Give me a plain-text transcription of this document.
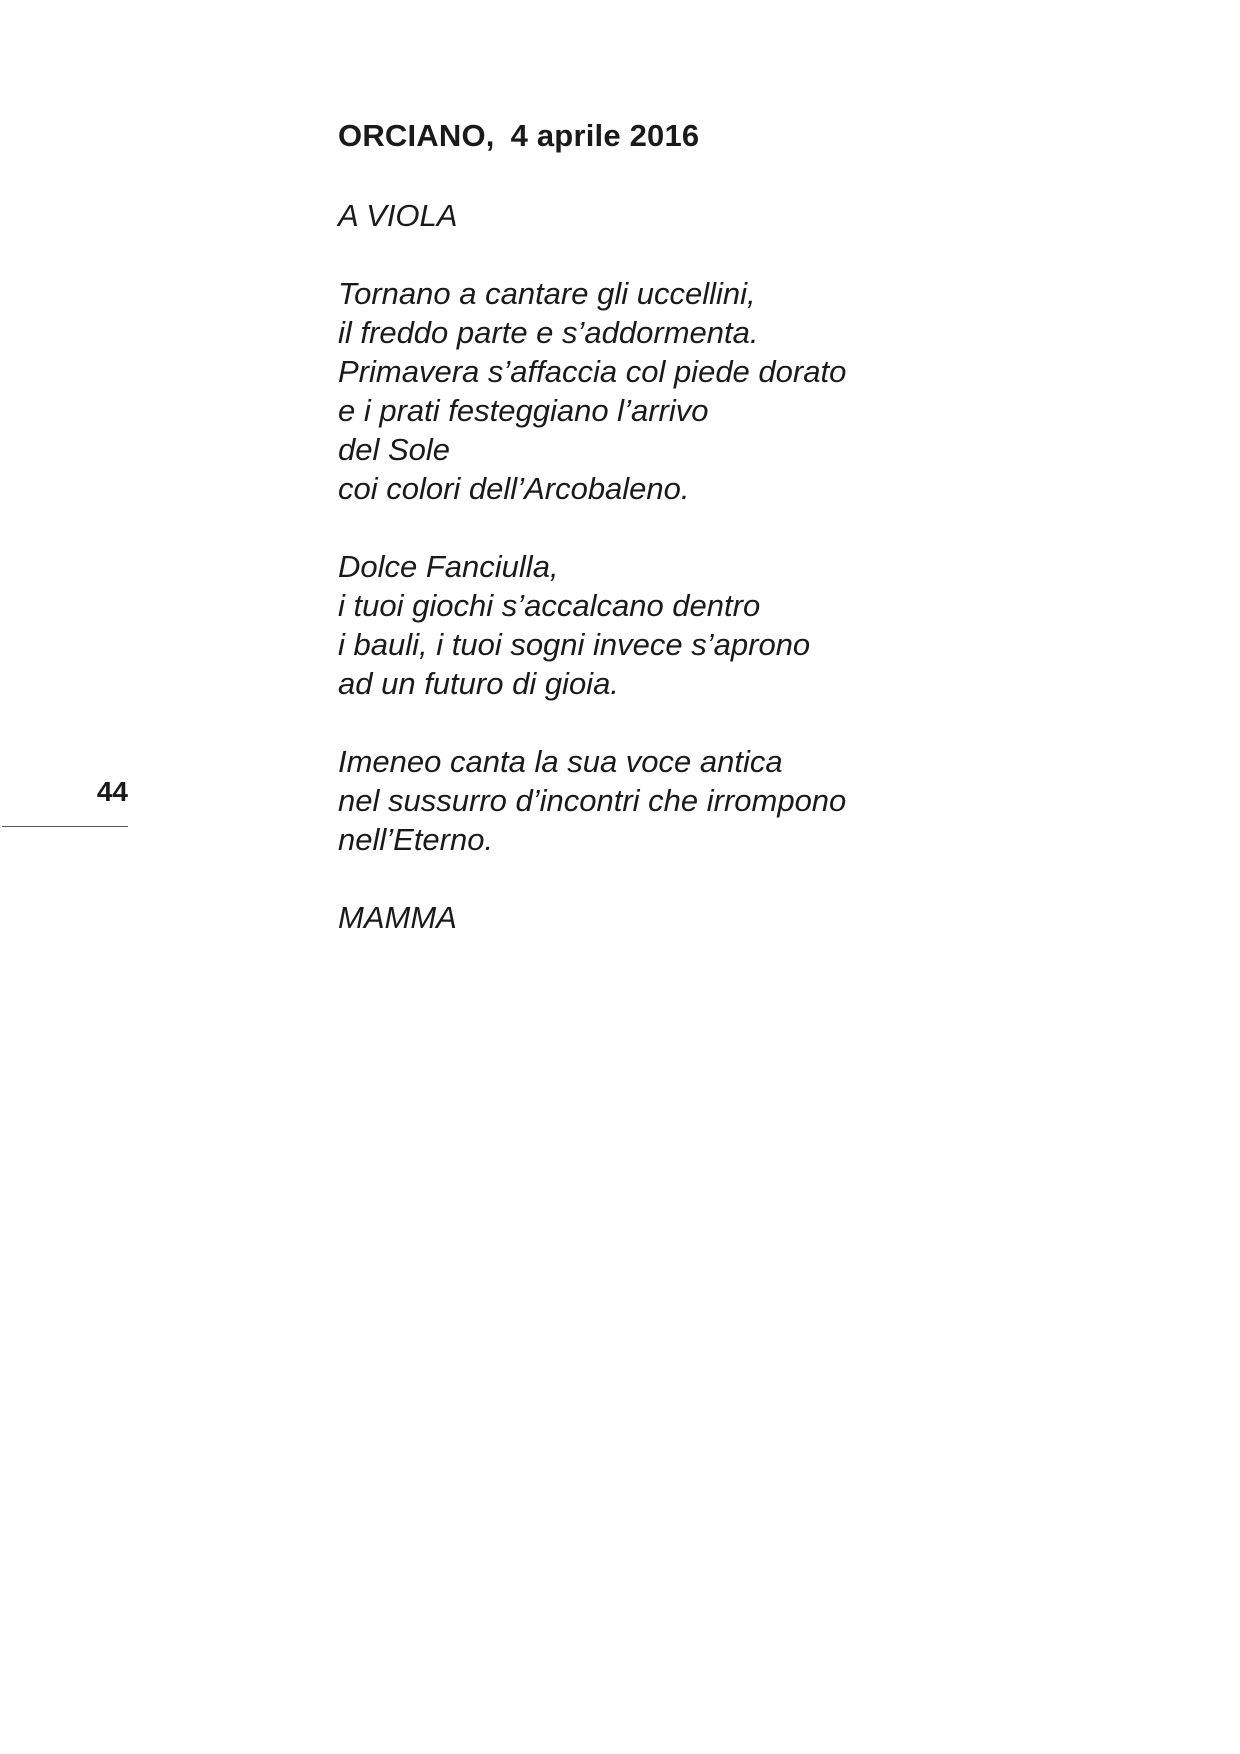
ORCIANO, 4 aprile 2016
A VIOLA
Tornano a cantare gli uccellini,
il freddo parte e s’addormenta.
Primavera s’affaccia col piede dorato
e i prati festeggiano l’arrivo
del Sole
coi colori dell’Arcobaleno.
Dolce Fanciulla,
i tuoi giochi s’accalcano dentro
i bauli, i tuoi sogni invece s’aprono
ad un futuro di gioia.
Imeneo canta la sua voce antica
nel sussurro d’incontri che irrompono
nell’Eterno.
MAMMA
44
